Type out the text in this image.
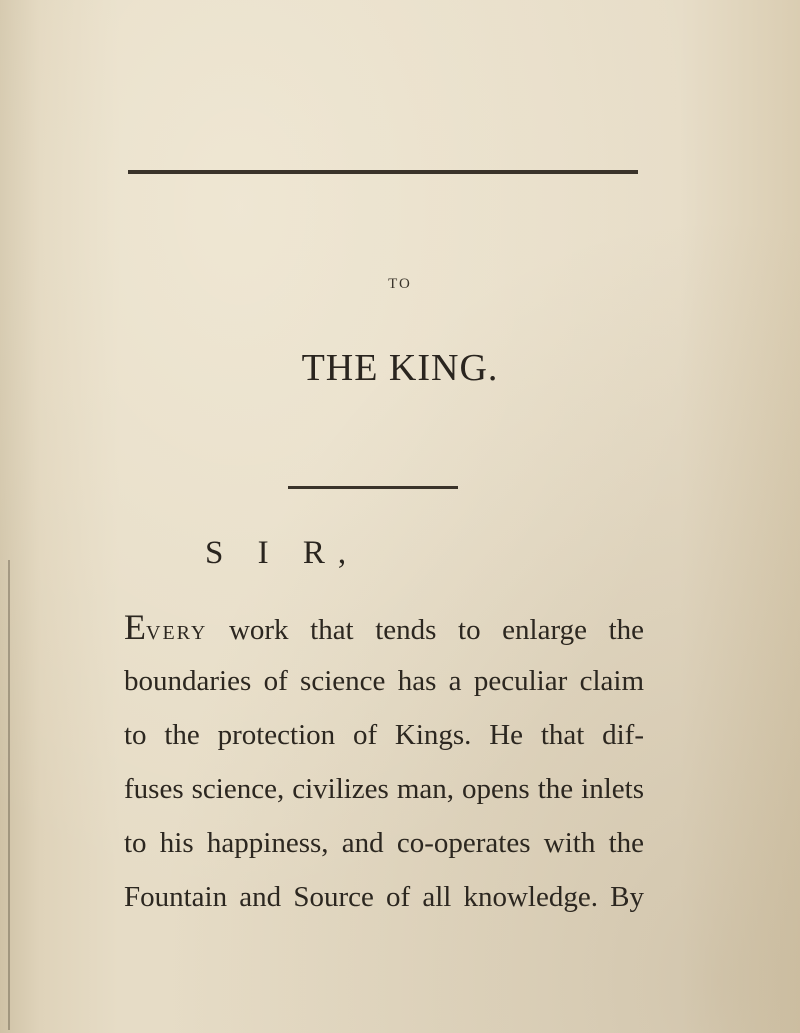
TO
THE KING.
S I R,
EVERY work that tends to enlarge the
boundaries of science has a peculiar claim
to the protection of Kings. He that dif-
fuses science, civilizes man, opens the inlets
to his happiness, and co-operates with the
Fountain and Source of all knowledge. By
